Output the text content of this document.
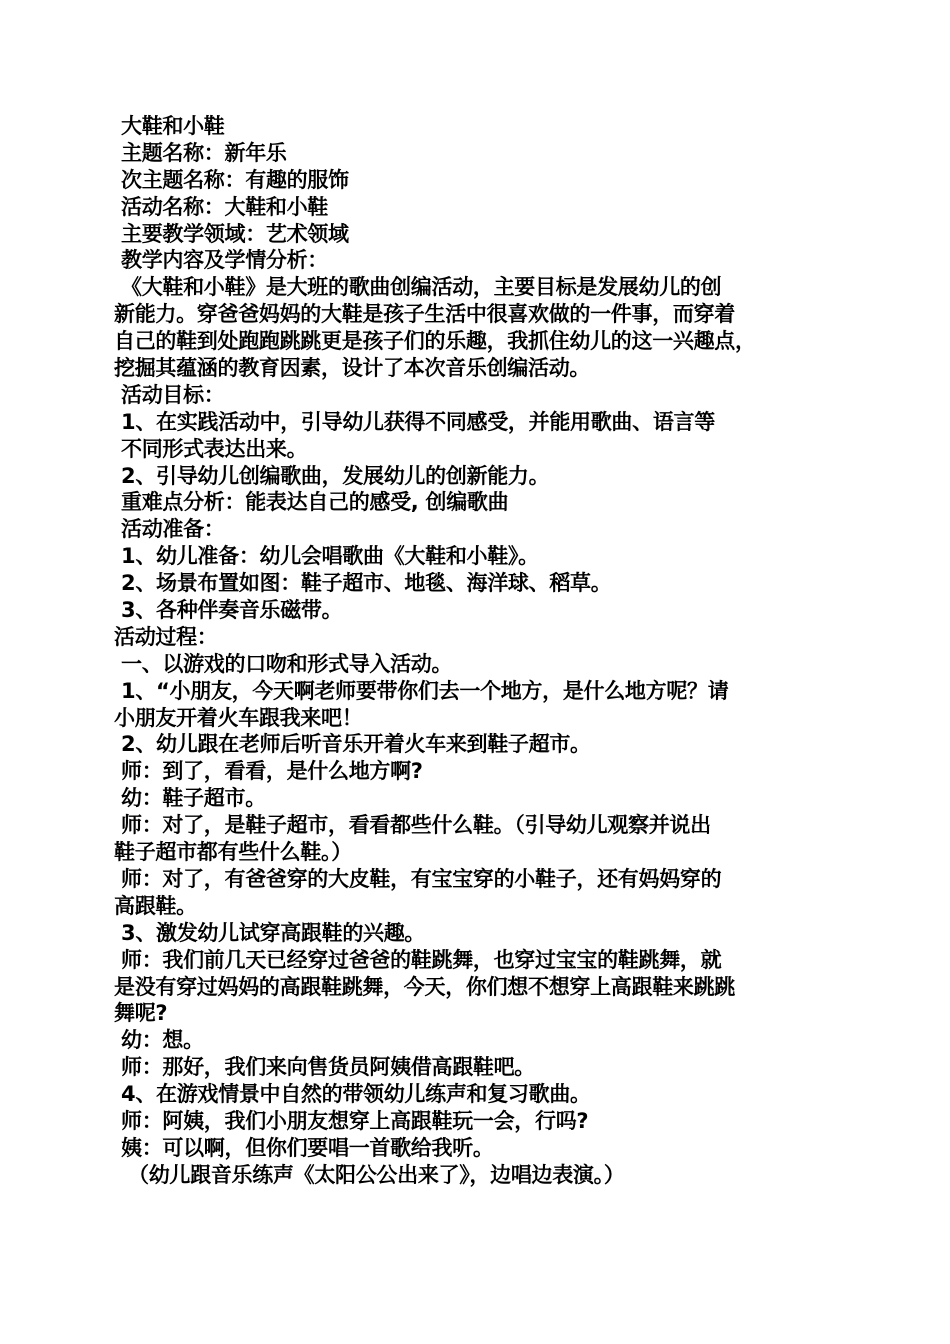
大鞋和小鞋
主题名称：新年乐
次主题名称：有趣的服饰
活动名称：大鞋和小鞋
主要教学领域：艺术领域
教学内容及学情分析：
《大鞋和小鞋》是大班的歌曲创编活动，主要目标是发展幼儿的创
新能力。穿爸爸妈妈的大鞋是孩子生活中很喜欢做的一件事，而穿着
自己的鞋到处跑跑跳跳更是孩子们的乐趣，我抓住幼儿的这一兴趣点，
挖掘其蕴涵的教育因素，设计了本次音乐创编活动。
活动目标：
1、在实践活动中，引导幼儿获得不同感受，并能用歌曲、语言等
不同形式表达出来。
2、引导幼儿创编歌曲，发展幼儿的创新能力。
重难点分析：能表达自己的感受, 创编歌曲
活动准备：
1、幼儿准备：幼儿会唱歌曲《大鞋和小鞋》。
2、场景布置如图：鞋子超市、地毯、海洋球、稻草。
3、各种伴奏音乐磁带。
活动过程：
一、以游戏的口吻和形式导入活动。
1、“小朋友，今天啊老师要带你们去一个地方，是什么地方呢？请
小朋友开着火车跟我来吧！
2、幼儿跟在老师后听音乐开着火车来到鞋子超市。
师：到了，看看，是什么地方啊?
幼：鞋子超市。
师：对了，是鞋子超市，看看都些什么鞋。（引导幼儿观察并说出
鞋子超市都有些什么鞋。）
师：对了，有爸爸穿的大皮鞋，有宝宝穿的小鞋子，还有妈妈穿的
高跟鞋。
3、激发幼儿试穿高跟鞋的兴趣。
师：我们前几天已经穿过爸爸的鞋跳舞，也穿过宝宝的鞋跳舞，就
是没有穿过妈妈的高跟鞋跳舞，今天，你们想不想穿上高跟鞋来跳跳
舞呢?
幼：想。
师：那好，我们来向售货员阿姨借高跟鞋吧。
4、在游戏情景中自然的带领幼儿练声和复习歌曲。
师：阿姨，我们小朋友想穿上高跟鞋玩一会，行吗?
姨：可以啊，但你们要唱一首歌给我听。
（幼儿跟音乐练声《太阳公公出来了》，边唱边表演。）
